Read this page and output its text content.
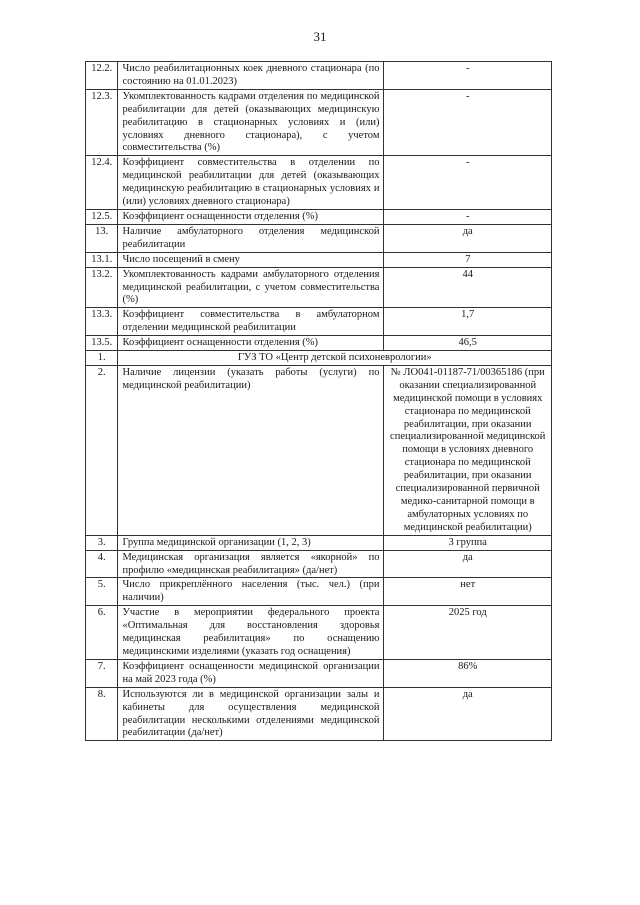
31
12.2.	Число реабилитационных коек дневного стационара (по состоянию на 01.01.2023)	-
12.3.	Укомплектованность кадрами отделения по медицинской реабилитации для детей (оказывающих медицинскую реабилитацию в стационарных условиях и (или) условиях дневного стационара), с учетом совместительства (%)	-
12.4.	Коэффициент совместительства в отделении по медицинской реабилитации для детей (оказывающих медицинскую реабилитацию в стационарных условиях и (или) условиях дневного стационара)	-
12.5.	Коэффициент оснащенности отделения (%)	-
13.	Наличие амбулаторного отделения медицинской реабилитации	да
13.1.	Число посещений в смену	7
13.2.	Укомплектованность кадрами амбулаторного отделения медицинской реабилитации, с учетом совместительства (%)	44
13.3.	Коэффициент совместительства в амбулаторном отделении медицинской реабилитации	1,7
13.5.	Коэффициент оснащенности отделения (%)	46,5
1.	ГУЗ ТО «Центр детской психоневрологии»	
2.	Наличие лицензии (указать работы (услуги) по медицинской реабилитации)	№ ЛО041-01187-71/00365186 (при оказании специализированной медицинской помощи в условиях стационара по медицинской реабилитации, при оказании специализированной медицинской помощи в условиях дневного стационара по медицинской реабилитации, при оказании специализированной первичной медико-санитарной помощи в амбулаторных условиях по медицинской реабилитации)
3.	Группа медицинской организации (1, 2, 3)	3 группа
4.	Медицинская организация является «якорной» по профилю «медицинская реабилитация» (да/нет)	да
5.	Число прикреплённого населения (тыс. чел.) (при наличии)	нет
6.	Участие в мероприятии федерального проекта «Оптимальная для восстановления здоровья медицинская реабилитация» по оснащению медицинскими изделиями (указать год оснащения)	2025 год
7.	Коэффициент оснащенности медицинской организации на май 2023 года (%)	86%
8.	Используются ли в медицинской организации залы и кабинеты для осуществления медицинской реабилитации несколькими отделениями медицинской реабилитации (да/нет)	да
